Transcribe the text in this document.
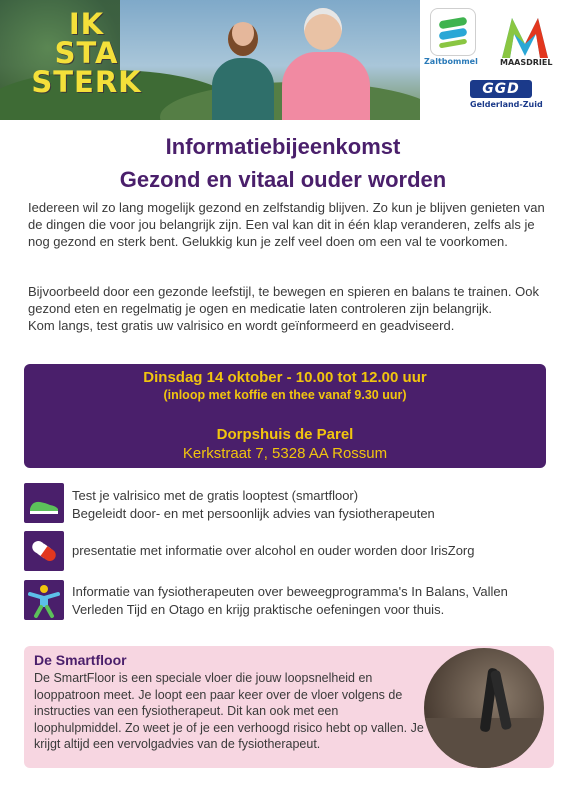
IK
STA
STERK
Zaltbommel	MAASDRIEL
GGD
Gelderland-Zuid
Informatiebijeenkomst
Gezond en vitaal ouder worden
Iedereen wil zo lang mogelijk gezond en zelfstandig blijven. Zo kun je blijven genieten van de dingen die voor jou belangrijk zijn. Een val kan dit in één klap veranderen, zelfs als je nog gezond en sterk bent. Gelukkig kun je zelf veel doen om een val te voorkomen.
Bijvoorbeeld door een gezonde leefstijl, te bewegen en spieren en balans te trainen. Ook gezond eten en regelmatig je ogen en medicatie laten controleren zijn belangrijk.
Kom langs, test gratis uw valrisico en wordt geïnformeerd en geadviseerd.
Dinsdag 14 oktober - 10.00 tot 12.00 uur
(inloop met koffie en thee vanaf 9.30 uur)
Dorpshuis de Parel
Kerkstraat 7, 5328 AA Rossum
Test je valrisico met de gratis looptest (smartfloor)
Begeleidt door- en met persoonlijk advies van fysiotherapeuten
presentatie met informatie over alcohol en ouder worden door IrisZorg
Informatie van fysiotherapeuten over beweegprogramma's In Balans, Vallen
Verleden Tijd en Otago en krijg praktische oefeningen voor thuis.
De Smartfloor
De SmartFloor is een speciale vloer die jouw loopsnelheid en looppatroon meet. Je loopt een paar keer over de vloer volgens de instructies van een fysiotherapeut. Dit kan ook met een loophulpmiddel. Zo weet je of je een verhoogd risico hebt op vallen. Je krijgt altijd een vervolgadvies van de fysiotherapeut.
